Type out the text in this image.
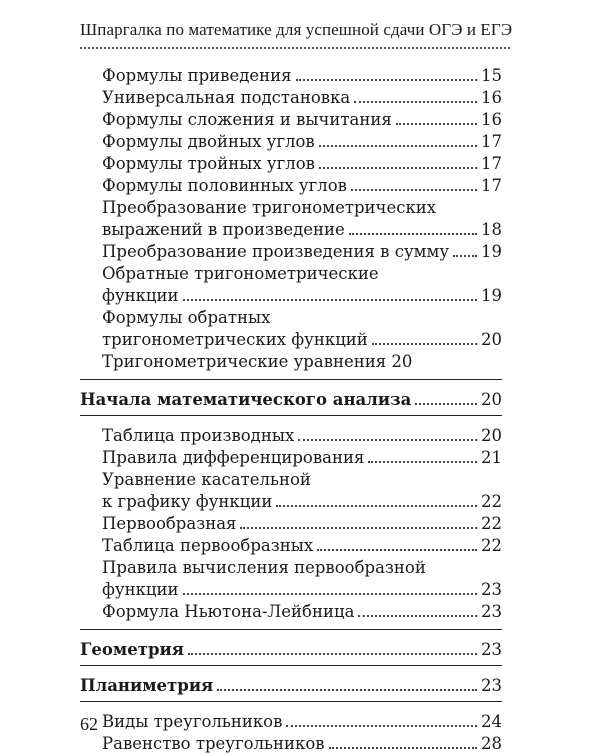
Шпаргалка по математике для успешной сдачи ОГЭ и ЕГЭ
Формулы приведения	15
Универсальная подстановка	16
Формулы сложения и вычитания	16
Формулы двойных углов	17
Формулы тройных углов	17
Формулы половинных углов	17
Преобразование тригонометрических
выражений в произведение	18
Преобразование произведения в сумму 19
Обратные тригонометрические
функции	19
Формулы обратных
тригонометрических функций	20
Тригонометрические уравнения 20
Начала математического анализа	20
Таблица производных	20
Правила дифференцирования	21
Уравнение касательной
к графику функции	22
Первообразная	22
Таблица первообразных	22
Правила вычисления первообразной
функции	23
Формула Ньютона-Лейбница	23
Геометрия	23
Планиметрия	23
Виды треугольников	24
Равенство треугольников	28
62
